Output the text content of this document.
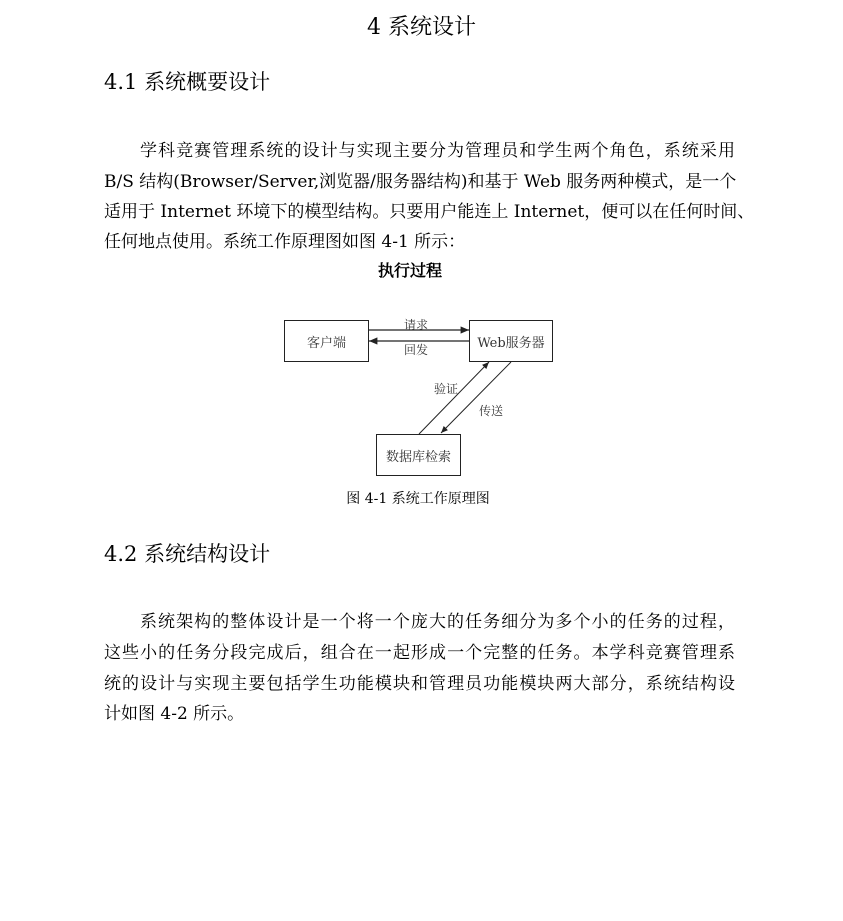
4 系统设计
4.1 系统概要设计
学科竞赛管理系统的设计与实现主要分为管理员和学生两个角色，系统采用
B/S 结构(Browser/Server,浏览器/服务器结构)和基于 Web 服务两种模式，是一个
适用于 Internet 环境下的模型结构。只要用户能连上 Internet，便可以在任何时间、
任何地点使用。系统工作原理图如图 4-1 所示：
执行过程
客户端	Web服务器
数据库检索
请求
回发
验证
传送
图 4-1 系统工作原理图
4.2 系统结构设计
系统架构的整体设计是一个将一个庞大的任务细分为多个小的任务的过程，
这些小的任务分段完成后，组合在一起形成一个完整的任务。本学科竞赛管理系
统的设计与实现主要包括学生功能模块和管理员功能模块两大部分，系统结构设
计如图 4-2 所示。
